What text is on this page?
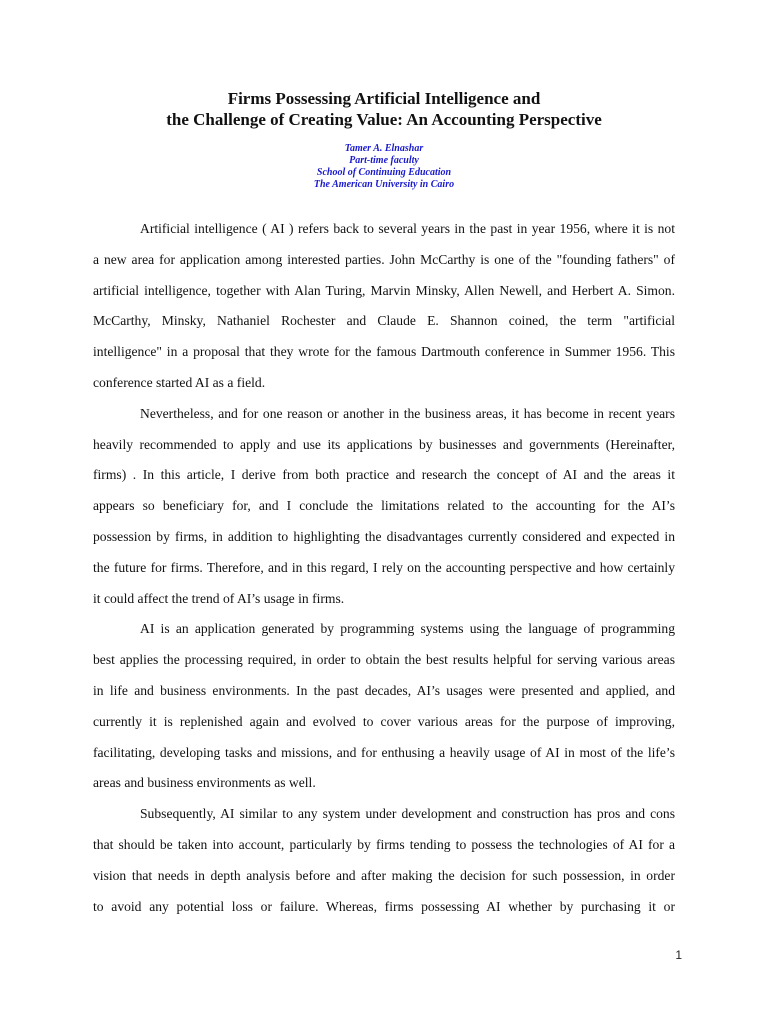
Firms Possessing Artificial Intelligence and
the Challenge of Creating Value: An Accounting Perspective
Tamer A. Elnashar
Part-time faculty
School of Continuing Education
The American University in Cairo
Artificial intelligence ( AI ) refers back to several years in the past in year 1956, where it is not
a new area for application among interested parties. John McCarthy is one of the "founding fathers" of
artificial intelligence, together with Alan Turing, Marvin Minsky, Allen Newell, and Herbert A. Simon.
McCarthy, Minsky, Nathaniel Rochester and Claude E. Shannon coined, the term "artificial
intelligence" in a proposal that they wrote for the famous Dartmouth conference in Summer 1956. This
conference started AI as a field.
Nevertheless, and for one reason or another in the business areas, it has become in recent years
heavily recommended to apply and use its applications by businesses and governments (Hereinafter,
firms) . In this article, I derive from both practice and research the concept of AI and the areas it
appears so beneficiary for, and I conclude the limitations related to the accounting for the AI’s
possession by firms, in addition to highlighting the disadvantages currently considered and expected in
the future for firms. Therefore, and in this regard, I rely on the accounting perspective and how certainly
it could affect the trend of AI’s usage in firms.
AI is an application generated by programming systems using the language of programming
best applies the processing required, in order to obtain the best results helpful for serving various areas
in life and business environments. In the past decades, AI’s usages were presented and applied, and
currently it is replenished again and evolved to cover various areas for the purpose of improving,
facilitating, developing tasks and missions, and for enthusing a heavily usage of AI in most of the life’s
areas and business environments as well.
Subsequently, AI similar to any system under development and construction has pros and cons
that should be taken into account, particularly by firms tending to possess the technologies of AI for a
vision that needs in depth analysis before and after making the decision for such possession, in order
to avoid any potential loss or failure. Whereas, firms possessing AI whether by purchasing it or
1
